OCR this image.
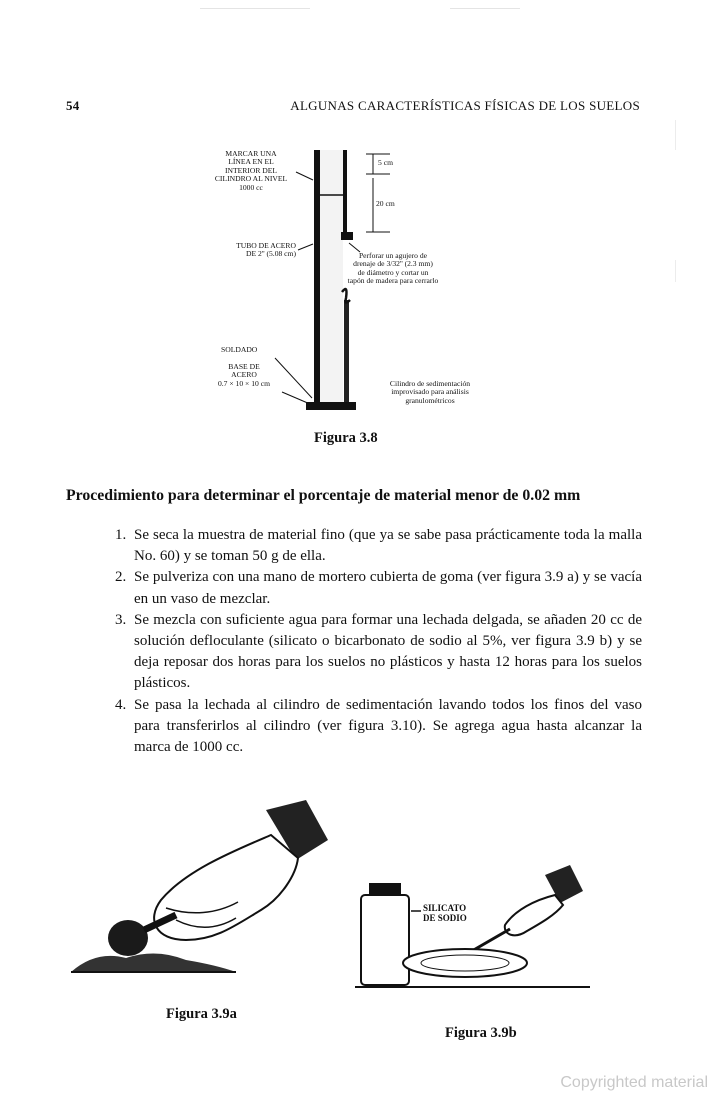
54	ALGUNAS CARACTERÍSTICAS FÍSICAS DE LOS SUELOS
MARCAR UNA
LÍNEA EN EL
INTERIOR DEL
CILINDRO AL NIVEL
1000 cc
TUBO DE ACERO
DE 2'' (5.08 cm)
SOLDADO
BASE DE
ACERO
0.7 × 10 × 10 cm
5 cm
20 cm
Perforar un agujero de
drenaje de 3/32'' (2.3 mm)
de diámetro y cortar un
tapón de madera para cerrarlo
Cilindro de sedimentación
improvisado para análisis
granulométricos
Figura 3.8
Procedimiento para determinar el porcentaje de material menor de 0.02 mm
1. Se seca la muestra de material fino (que ya se sabe pasa prácticamente toda la malla No. 60) y se toman 50 g de ella.
2. Se pulveriza con una mano de mortero cubierta de goma (ver figura 3.9 a) y se vacía en un vaso de mezclar.
3. Se mezcla con suficiente agua para formar una lechada delgada, se añaden 20 cc de solución defloculante (silicato o bicarbonato de sodio al 5%, ver figura 3.9 b) y se deja reposar dos horas para los suelos no plásticos y hasta 12 horas para los suelos plásticos.
4. Se pasa la lechada al cilindro de sedimentación lavando todos los finos del vaso para transferirlos al cilindro (ver figura 3.10). Se agrega agua hasta alcanzar la marca de 1000 cc.
Figura 3.9a
SILICATO
DE SODIO
Figura 3.9b
Copyrighted material
